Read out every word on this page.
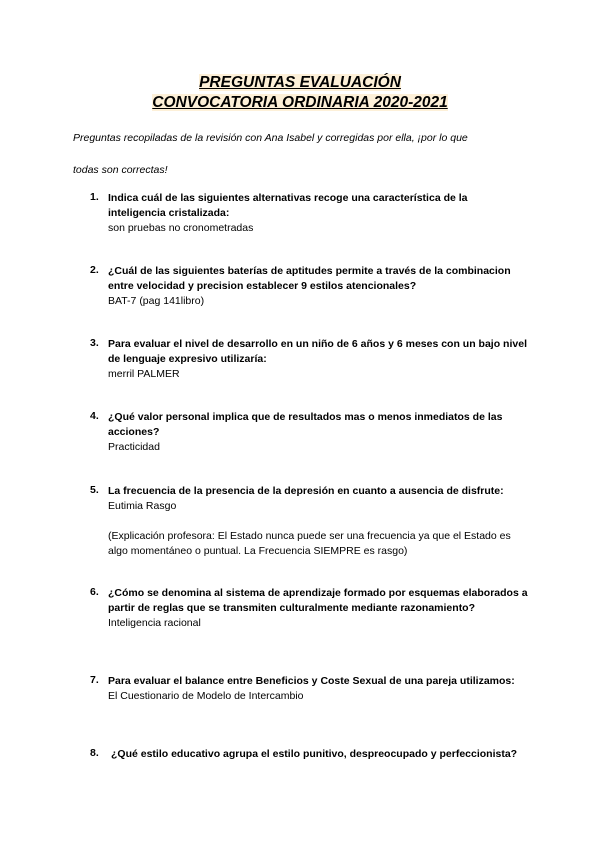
PREGUNTAS EVALUACIÓN
CONVOCATORIA ORDINARIA 2020-2021
Preguntas recopiladas de la revisión con Ana Isabel y corregidas por ella, ¡por lo que
todas son correctas!
1. Indica cuál de las siguientes alternativas recoge una característica de la inteligencia cristalizada:
son pruebas no cronometradas
2. ¿Cuál de las siguientes baterías de aptitudes permite a través de la combinacion entre velocidad y precision establecer 9 estilos atencionales?
BAT-7 (pag 141libro)
3. Para evaluar el nivel de desarrollo en un niño de 6 años y 6 meses con un bajo nivel de lenguaje expresivo utilizaría:
merril PALMER
4. ¿Qué valor personal implica que de resultados mas o menos inmediatos de las acciones?
Practicidad
5. La frecuencia de la presencia de la depresión en cuanto a ausencia de disfrute:
Eutimia Rasgo
(Explicación profesora: El Estado nunca puede ser una frecuencia ya que el Estado es algo momentáneo o puntual. La Frecuencia SIEMPRE es rasgo)
6. ¿Cómo se denomina al sistema de aprendizaje formado por esquemas elaborados a partir de reglas que se transmiten culturalmente mediante razonamiento?
Inteligencia racional
7. Para evaluar el balance entre Beneficios y Coste Sexual de una pareja utilizamos:
El Cuestionario de Modelo de Intercambio
8. ¿Qué estilo educativo agrupa el estilo punitivo, despreocupado y perfeccionista?
